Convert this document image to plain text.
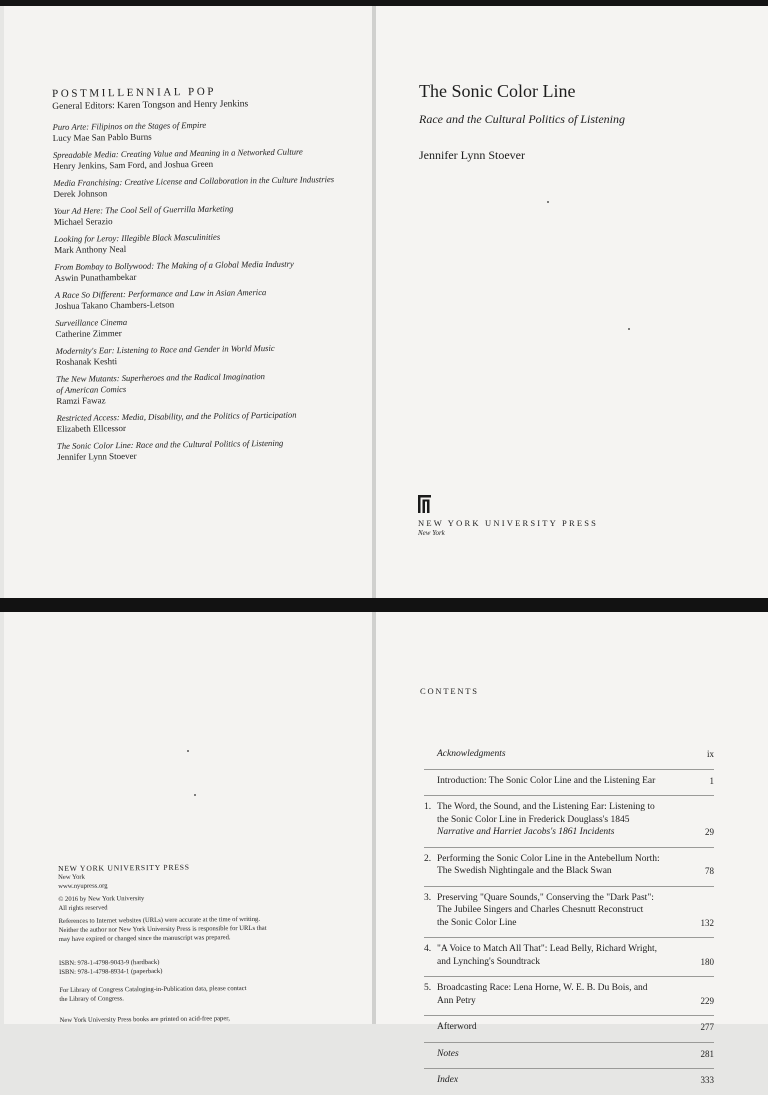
POSTMILLENNIAL POP

General Editors: Karen Tongson and Henry Jenkins

Puro Arte: Filipinos on the Stages of Empire
Lucy Mae San Pablo Burns
Spreadable Media: Creating Value and Meaning in a Networked Culture
Henry Jenkins, Sam Ford, and Joshua Green
Media Franchising: Creative License and Collaboration in the Culture Industries
Derek Johnson
Your Ad Here: The Cool Sell of Guerrilla Marketing
Michael Serazio
Looking for Leroy: Illegible Black Masculinities
Mark Anthony Neal
From Bombay to Bollywood: The Making of a Global Media Industry
Aswin Punathambekar
A Race So Different: Performance and Law in Asian America
Joshua Takano Chambers-Letson
Surveillance Cinema
Catherine Zimmer
Modernity's Ear: Listening to Race and Gender in World Music
Roshanak Keshti
The New Mutants: Superheroes and the Radical Imagination
of American Comics
Ramzi Fawaz
Restricted Access: Media, Disability, and the Politics of Participation
Elizabeth Ellcessor
The Sonic Color Line: Race and the Cultural Politics of Listening
Jennifer Lynn Stoever
The Sonic Color Line

Race and the Cultural Politics of Listening

Jennifer Lynn Stoever
NEW YORK UNIVERSITY PRESS
New York

NEW YORK UNIVERSITY PRESS

New York
www.nyupress.org
© 2016 by New York University
All rights reserved
References to Internet websites (URLs) were accurate at the time of writing.
Neither the author nor New York University Press is responsible for URLs that
may have expired or changed since the manuscript was prepared.
ISBN: 978-1-4798-9043-9 (hardback)
ISBN: 978-1-4798-8934-1 (paperback)
For Library of Congress Cataloging-in-Publication data, please contact
the Library of Congress.
New York University Press books are printed on acid-free paper,
CONTENTS
Acknowledgments	ix
Introduction: The Sonic Color Line and the Listening Ear	1
1. The Word, the Sound, and the Listening Ear: Listening to
the Sonic Color Line in Frederick Douglass's 1845
Narrative and Harriet Jacobs's 1861 Incidents	29
2. Performing the Sonic Color Line in the Antebellum North:
The Swedish Nightingale and the Black Swan	78
3. Preserving "Quare Sounds," Conserving the "Dark Past":
The Jubilee Singers and Charles Chesnutt Reconstruct
the Sonic Color Line	132
4. "A Voice to Match All That": Lead Belly, Richard Wright,
and Lynching's Soundtrack	180
5. Broadcasting Race: Lena Horne, W. E. B. Du Bois, and
Ann Petry	229
Afterword	277
Notes	281
Index	333
